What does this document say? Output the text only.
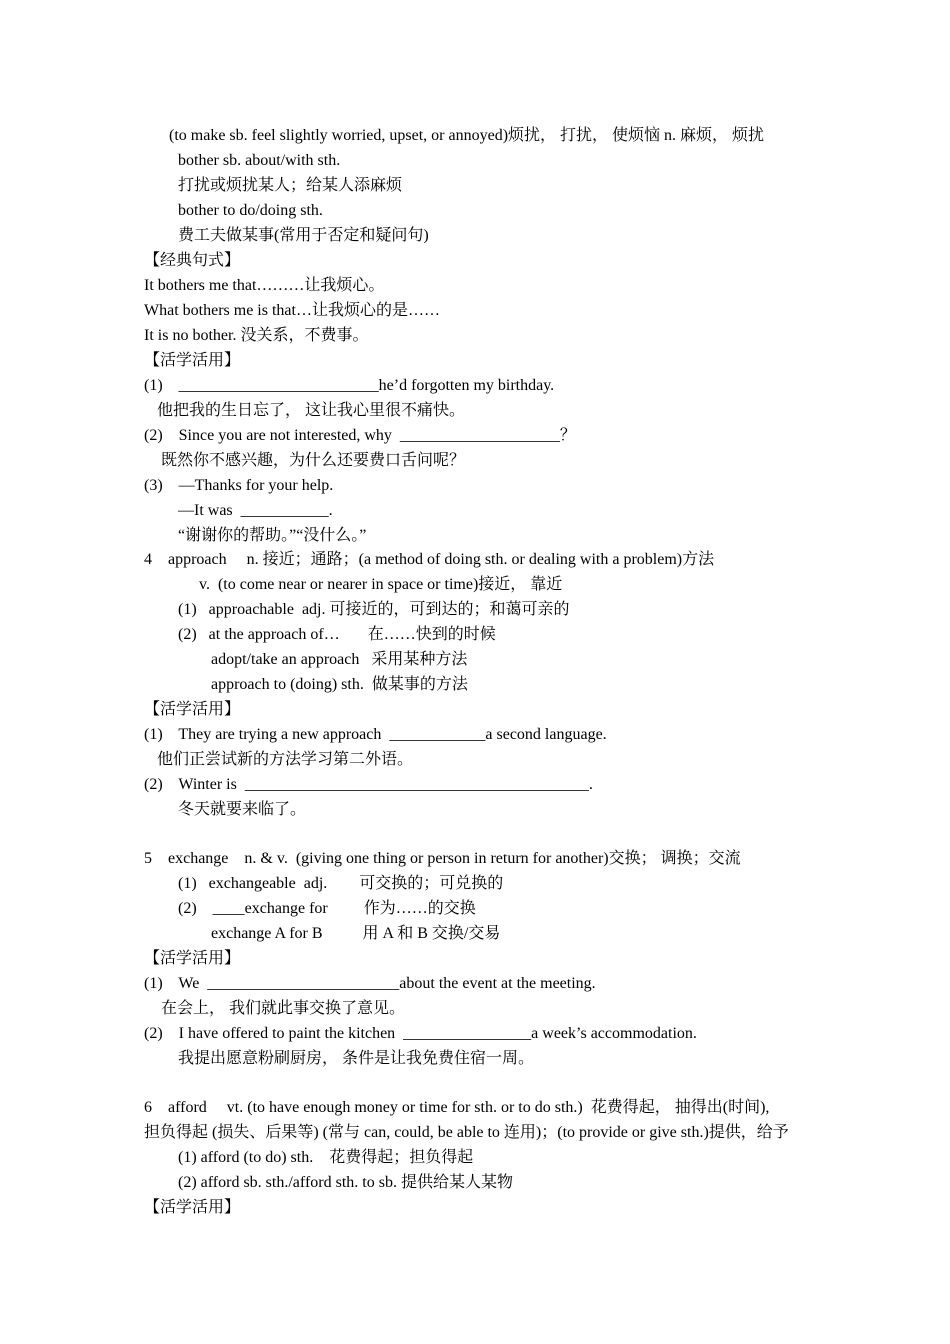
(to make sb. feel slightly worried, upset, or annoyed)烦扰， 打扰， 使烦恼 n. 麻烦， 烦扰
bother sb. about/with sth.
打扰或烦扰某人；给某人添麻烦
bother to do/doing sth.
费工夫做某事(常用于否定和疑问句)
【经典句式】
It bothers me that………让我烦心。
What bothers me is that…让我烦心的是……
It is no bother. 没关系，不费事。
【活学活用】
(1)    _________________________he’d forgotten my birthday.
他把我的生日忘了， 这让我心里很不痛快。
(2)    Since you are not interested, why  ____________________？
既然你不感兴趣，为什么还要费口舌问呢？
(3)    —Thanks for your help.
—It was  ___________.
“谢谢你的帮助。”“没什么。”
4    approach     n. 接近；通路；(a method of doing sth. or dealing with a problem)方法
v.  (to come near or nearer in space or time)接近， 靠近
(1)   approachable  adj. 可接近的，可到达的；和蔼可亲的
(2)   at the approach of…       在……快到的时候
adopt/take an approach   采用某种方法
approach to (doing) sth.  做某事的方法
【活学活用】
(1)    They are trying a new approach  ____________a second language.
他们正尝试新的方法学习第二外语。
(2)    Winter is  ___________________________________________.
冬天就要来临了。
5    exchange    n. & v.  (giving one thing or person in return for another)交换； 调换；交流
(1)   exchangeable  adj.        可交换的；可兑换的
(2)    ____exchange for         作为……的交换
exchange A for B          用 A 和 B 交换/交易
【活学活用】
(1)    We  ________________________about the event at the meeting.
在会上， 我们就此事交换了意见。
(2)    I have offered to paint the kitchen  ________________a week’s accommodation.
我提出愿意粉刷厨房， 条件是让我免费住宿一周。
6    afford     vt. (to have enough money or time for sth. or to do sth.)  花费得起， 抽得出(时间),
担负得起 (损失、后果等) (常与 can, could, be able to 连用)；(to provide or give sth.)提供，给予
(1) afford (to do) sth.    花费得起；担负得起
(2) afford sb. sth./afford sth. to sb. 提供给某人某物
【活学活用】
